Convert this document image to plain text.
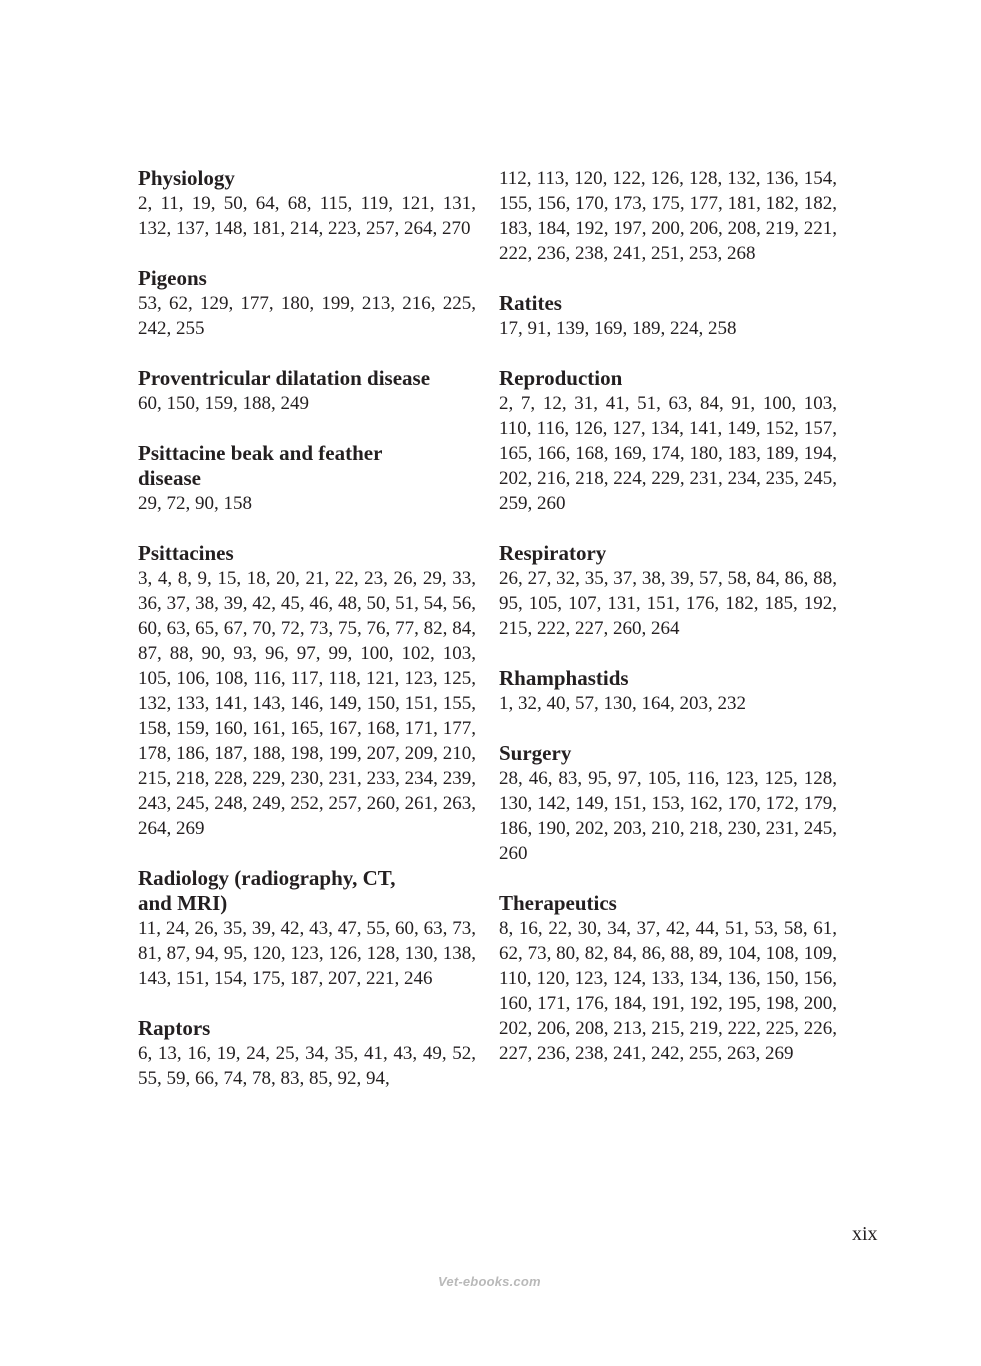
Physiology

2, 11, 19, 50, 64, 68, 115, 119, 121, 131, 132, 137, 148, 181, 214, 223, 257, 264, 270

Pigeons

53, 62, 129, 177, 180, 199, 213, 216, 225, 242, 255

Proventricular dilatation disease

60, 150, 159, 188, 249

Psittacine beak and feather disease

29, 72, 90, 158

Psittacines

3, 4, 8, 9, 15, 18, 20, 21, 22, 23, 26, 29, 33, 36, 37, 38, 39, 42, 45, 46, 48, 50, 51, 54, 56, 60, 63, 65, 67, 70, 72, 73, 75, 76, 77, 82, 84, 87, 88, 90, 93, 96, 97, 99, 100, 102, 103, 105, 106, 108, 116, 117, 118, 121, 123, 125, 132, 133, 141, 143, 146, 149, 150, 151, 155, 158, 159, 160, 161, 165, 167, 168, 171, 177, 178, 186, 187, 188, 198, 199, 207, 209, 210, 215, 218, 228, 229, 230, 231, 233, 234, 239, 243, 245, 248, 249, 252, 257, 260, 261, 263, 264, 269

Radiology (radiography, CT, and MRI)

11, 24, 26, 35, 39, 42, 43, 47, 55, 60, 63, 73, 81, 87, 94, 95, 120, 123, 126, 128, 130, 138, 143, 151, 154, 175, 187, 207, 221, 246

Raptors

6, 13, 16, 19, 24, 25, 34, 35, 41, 43, 49, 52, 55, 59, 66, 74, 78, 83, 85, 92, 94,

112, 113, 120, 122, 126, 128, 132, 136, 154, 155, 156, 170, 173, 175, 177, 181, 182, 182, 183, 184, 192, 197, 200, 206, 208, 219, 221, 222, 236, 238, 241, 251, 253, 268

Ratites

17, 91, 139, 169, 189, 224, 258

Reproduction

2, 7, 12, 31, 41, 51, 63, 84, 91, 100, 103, 110, 116, 126, 127, 134, 141, 149, 152, 157, 165, 166, 168, 169, 174, 180, 183, 189, 194, 202, 216, 218, 224, 229, 231, 234, 235, 245, 259, 260

Respiratory

26, 27, 32, 35, 37, 38, 39, 57, 58, 84, 86, 88, 95, 105, 107, 131, 151, 176, 182, 185, 192, 215, 222, 227, 260, 264

Rhamphastids

1, 32, 40, 57, 130, 164, 203, 232

Surgery

28, 46, 83, 95, 97, 105, 116, 123, 125, 128, 130, 142, 149, 151, 153, 162, 170, 172, 179, 186, 190, 202, 203, 210, 218, 230, 231, 245, 260

Therapeutics

8, 16, 22, 30, 34, 37, 42, 44, 51, 53, 58, 61, 62, 73, 80, 82, 84, 86, 88, 89, 104, 108, 109, 110, 120, 123, 124, 133, 134, 136, 150, 156, 160, 171, 176, 184, 191, 192, 195, 198, 200, 202, 206, 208, 213, 215, 219, 222, 225, 226, 227, 236, 238, 241, 242, 255, 263, 269

xix
Vet-ebooks.com
